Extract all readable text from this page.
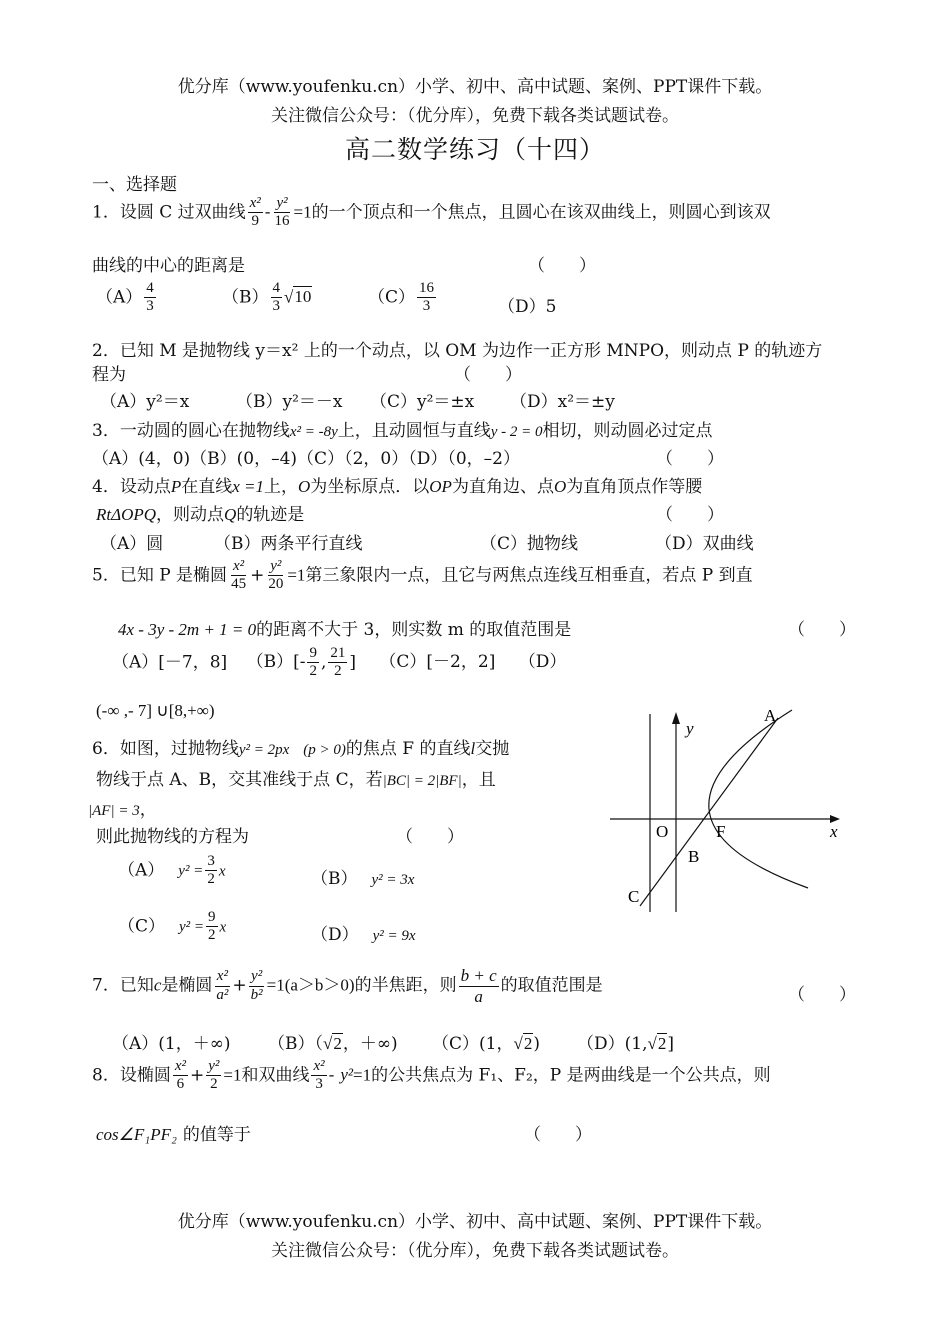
优分库（www.youfenku.cn）小学、初中、高中试题、案例、PPT课件下载。
关注微信公众号：（优分库），免费下载各类试题试卷。
高二数学练习（十四）
一、选择题
1．设圆 C 过双曲线 $\frac{\text{x²}}{9} - \frac{\text{y²}}{16} =1$的一个顶点和一个焦点，且圆心在该双曲线上，则圆心到该双
曲线的中心的距离是	（　　）
$(A) \frac{4}{3}$	$(B) \frac{4}{3} √10$	$(C) \frac{16}{3}$	（D）5
2．已知 M 是抛物线 y＝x² 上的一个动点，以 OM 为边作一正方形 MNPO，则动点 P 的轨迹方
程为	（　　）
（A）y²＝x	（B）y²＝－x （C）y²＝±x （D）x²＝±y
3．一动圆的圆心在抛物线x² = -8y上，且动圆恒与直线y - 2 = 0相切，则动圆必过定点
（A）(4，0)（B）(0，–4)（C）（2，0）（D）（0，–2）	（　　）
4．设动点P在直线x =1上，O为坐标原点．以OP为直角边、点O为直角顶点作等腰
RtΔOPQ，则动点Q的轨迹是	（　　）
（A）圆	（B）两条平行直线	（C）抛物线	（D）双曲线
5．已知 P 是椭圆 $\frac{\text{x²}}{45} + \frac{\text{y²}}{20} =1$第三象限内一点，且它与两焦点连线互相垂直，若点 P 到直
4x - 3y - 2m + 1 = 0的距离不大于 3，则实数 m 的取值范围是	（　　）
（A）[－7，8] $(B)[- \frac{9}{2}$ , $\frac{21}{2}$ ] （C）[－2，2] （D）
(-∞ ,- 7] ∪[8,+∞)
6．如图，过抛物线y² = 2px (p > 0)的焦点 F 的直线l交抛
物线于点 A、B，交其准线于点 C，若|BC| = 2|BF|，且
|AF| = 3，
则此抛物线的方程为	（　　）
（A） $y^2 = \frac{3}{2}$ x	（B） y² = 3x
（C） $y^2 = \frac{9}{2}$ x	（D） y² = 9x
A
y
O	F	x
B
C
7．已知c是椭圆 $\frac{\text{x²}}{\text{a²}} + \frac{\text{y²}}{\text{b²}} =1(a>b>0)$的半焦距，则 $\frac{b + c}{a}$ 的取值范围是	（　　）
（A）(1，＋∞) （B）（√2，＋∞) （C）(1，√2) （D）(1,√2]
8．设椭圆 $\frac{\text{x²}}{6} + \frac{\text{y²}}{2} =1$和双曲线 $\frac{\text{x²}}{3} - y^2=1$的公共焦点为 F₁、F₂，P 是两曲线是一个公共点，则
cos∠F₁PF₂ 的值等于	（　　）
优分库（www.youfenku.cn）小学、初中、高中试题、案例、PPT课件下载。
关注微信公众号：（优分库），免费下载各类试题试卷。
